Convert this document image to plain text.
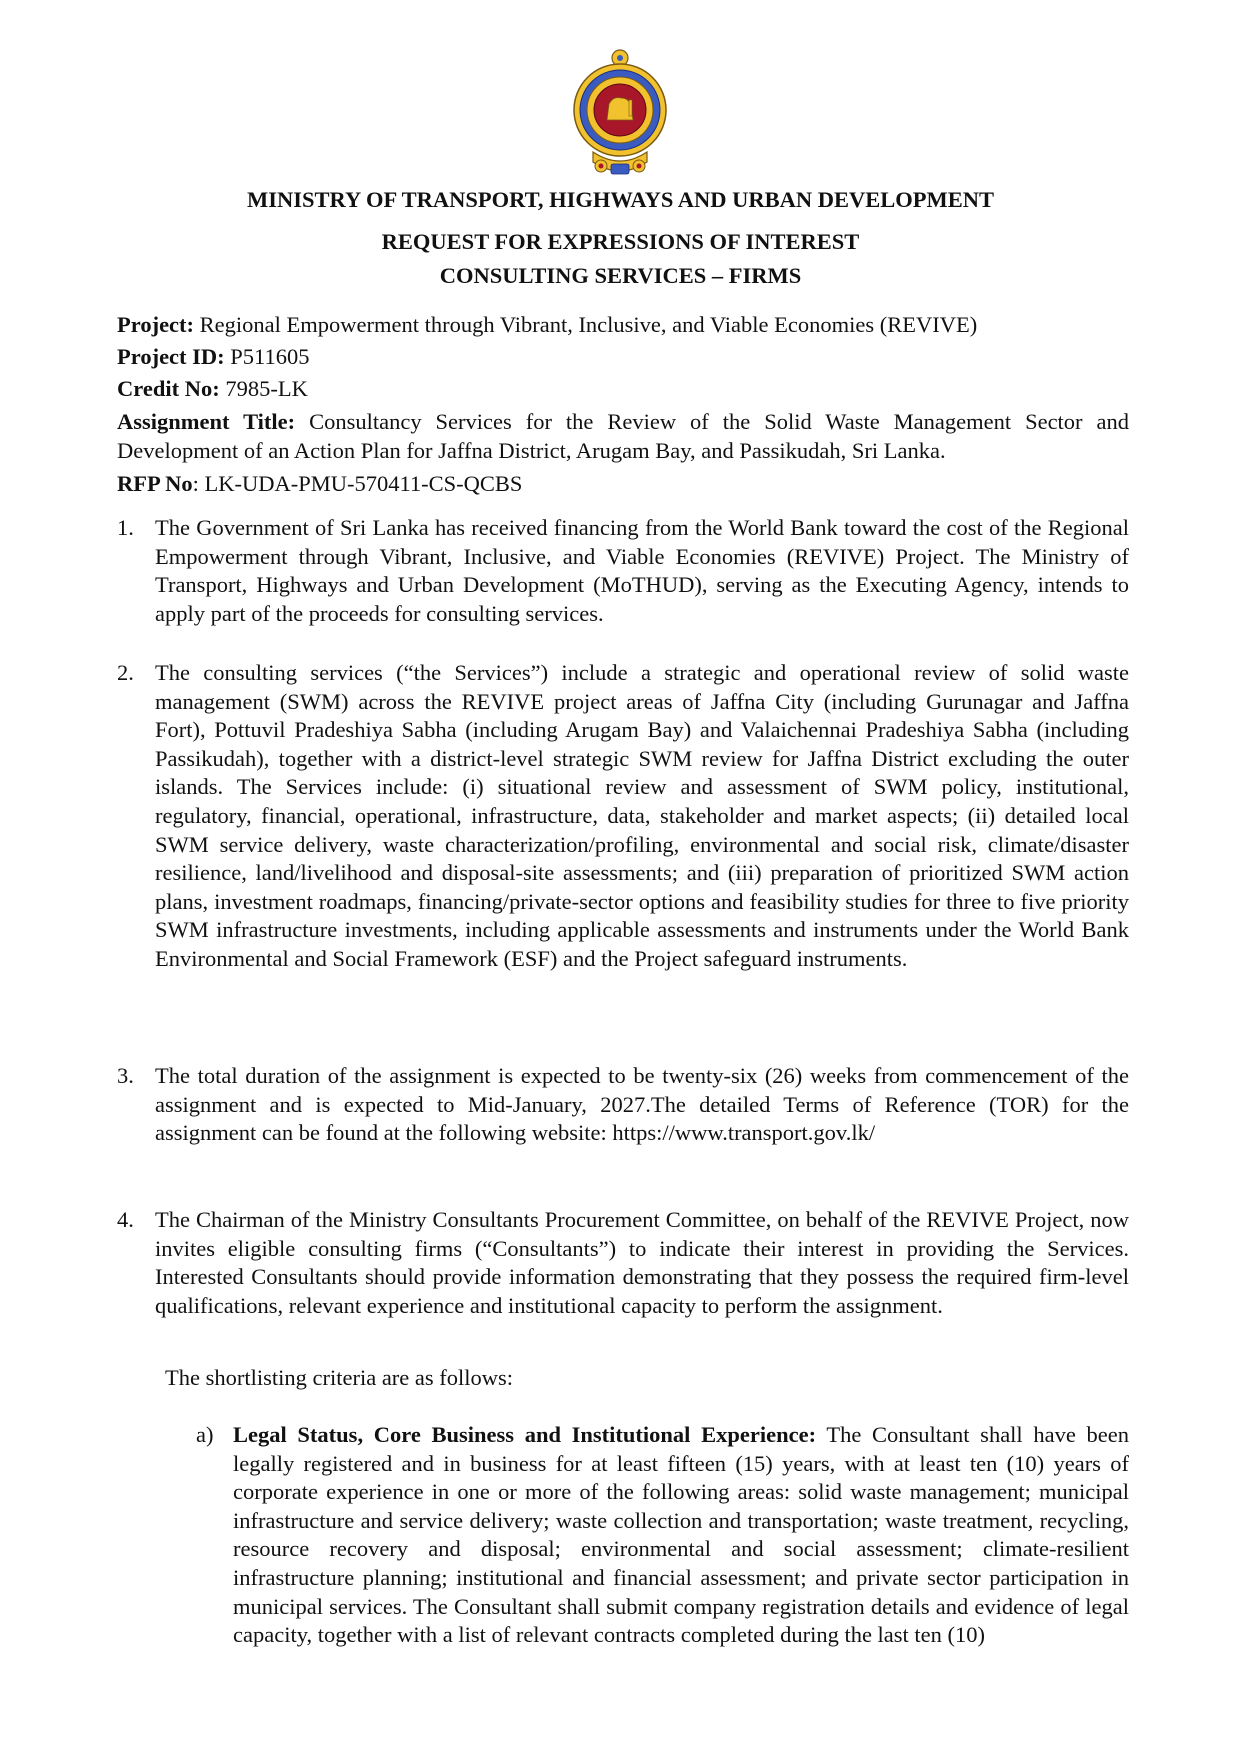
MINISTRY OF TRANSPORT, HIGHWAYS AND URBAN DEVELOPMENT
REQUEST FOR EXPRESSIONS OF INTEREST
CONSULTING SERVICES – FIRMS
Project: Regional Empowerment through Vibrant, Inclusive, and Viable Economies (REVIVE)
Project ID: P511605
Credit No: 7985-LK
Assignment Title: Consultancy Services for the Review of the Solid Waste Management Sector and Development of an Action Plan for Jaffna District, Arugam Bay, and Passikudah, Sri Lanka.
RFP No: LK-UDA-PMU-570411-CS-QCBS
1. The Government of Sri Lanka has received financing from the World Bank toward the cost of the Regional Empowerment through Vibrant, Inclusive, and Viable Economies (REVIVE) Project. The Ministry of Transport, Highways and Urban Development (MoTHUD), serving as the Executing Agency, intends to apply part of the proceeds for consulting services.
2. The consulting services (“the Services”) include a strategic and operational review of solid waste management (SWM) across the REVIVE project areas of Jaffna City (including Gurunagar and Jaffna Fort), Pottuvil Pradeshiya Sabha (including Arugam Bay) and Valaichennai Pradeshiya Sabha (including Passikudah), together with a district-level strategic SWM review for Jaffna District excluding the outer islands. The Services include: (i) situational review and assessment of SWM policy, institutional, regulatory, financial, operational, infrastructure, data, stakeholder and market aspects; (ii) detailed local SWM service delivery, waste characterization/profiling, environmental and social risk, climate/disaster resilience, land/livelihood and disposal-site assessments; and (iii) preparation of prioritized SWM action plans, investment roadmaps, financing/private-sector options and feasibility studies for three to five priority SWM infrastructure investments, including applicable assessments and instruments under the World Bank Environmental and Social Framework (ESF) and the Project safeguard instruments.
3. The total duration of the assignment is expected to be twenty-six (26) weeks from commencement of the assignment and is expected to Mid-January, 2027.The detailed Terms of Reference (TOR) for the assignment can be found at the following website: https://www.transport.gov.lk/
4. The Chairman of the Ministry Consultants Procurement Committee, on behalf of the REVIVE Project, now invites eligible consulting firms (“Consultants”) to indicate their interest in providing the Services. Interested Consultants should provide information demonstrating that they possess the required firm-level qualifications, relevant experience and institutional capacity to perform the assignment.
The shortlisting criteria are as follows:
a) Legal Status, Core Business and Institutional Experience: The Consultant shall have been legally registered and in business for at least fifteen (15) years, with at least ten (10) years of corporate experience in one or more of the following areas: solid waste management; municipal infrastructure and service delivery; waste collection and transportation; waste treatment, recycling, resource recovery and disposal; environmental and social assessment; climate-resilient infrastructure planning; institutional and financial assessment; and private sector participation in municipal services. The Consultant shall submit company registration details and evidence of legal capacity, together with a list of relevant contracts completed during the last ten (10)
